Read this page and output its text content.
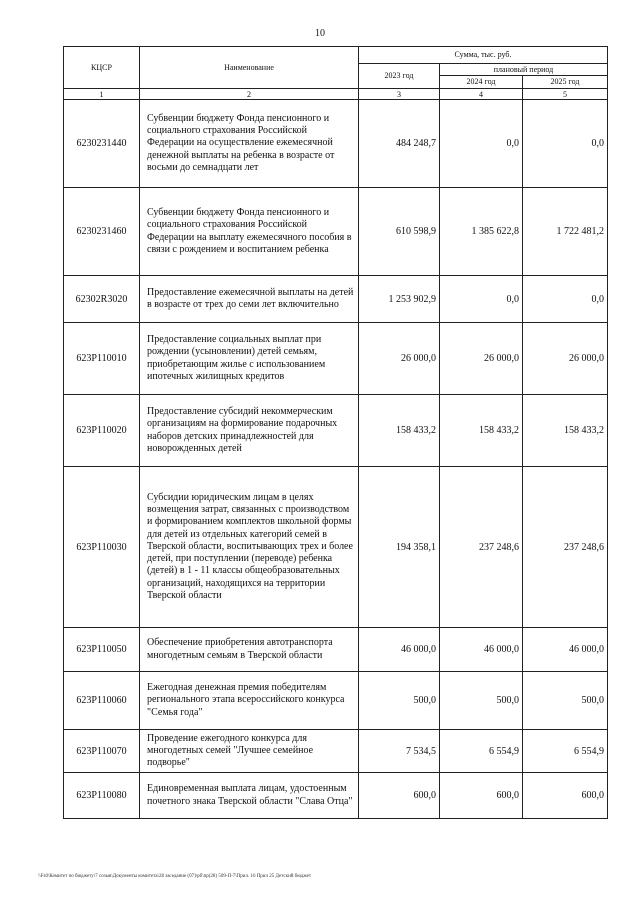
10
КЦСР	Наименование	Сумма, тыс. руб.		
		2023 год	плановый период	
			2024 год	2025 год
1	2	3	4	5
6230231440	Субвенции бюджету Фонда пенсионного и социального страхования Российской Федерации на осуществление ежемесячной денежной выплаты на ребенка в возрасте от восьми до семнадцати лет	484 248,7	0,0	0,0
6230231460	Субвенции бюджету Фонда пенсионного и социального страхования Российской Федерации на выплату ежемесячного пособия в связи с рождением и воспитанием ребенка	610 598,9	1 385 622,8	1 722 481,2
62302R3020	Предоставление ежемесячной выплаты на детей в возрасте от трех до семи лет включительно	1 253 902,9	0,0	0,0
623P110010	Предоставление социальных выплат при рождении (усыновлении) детей семьям, приобретающим жилье с использованием ипотечных жилищных кредитов	26 000,0	26 000,0	26 000,0
623P110020	Предоставление субсидий некоммерческим организациям на формирование подарочных наборов детских принадлежностей для новорожденных детей	158 433,2	158 433,2	158 433,2
623P110030	Субсидии юридическим лицам в целях возмещения затрат, связанных с производством и формированием комплектов школьной формы для детей из отдельных категорий семей в Тверской области, воспитывающих трех и более детей, при поступлении (переводе) ребенка (детей) в 1 - 11 классы общеобразовательных организаций, находящихся на территории Тверской области	194 358,1	237 248,6	237 248,6
623P110050	Обеспечение приобретения автотранспорта многодетным семьям в Тверской области	46 000,0	46 000,0	46 000,0
623P110060	Ежегодная денежная премия победителям регионального этапа всероссийского конкурса "Семья года"	500,0	500,0	500,0
623P110070	Проведение ежегодного конкурса для многодетных семей "Лучшее семейное подворье"	7 534,5	6 554,9	6 554,9
623P110080	Единовременная выплата лицам, удостоенным почетного знака Тверской области "Слава Отца"	600,0	600,0	600,0
\\Fs0\Комитет по бюджету\7 созыв\Документы комитета\28 заседание (07)\рб\пр(28) 509-П-7\Прил. 16 Прил 25 Детский бюджет
